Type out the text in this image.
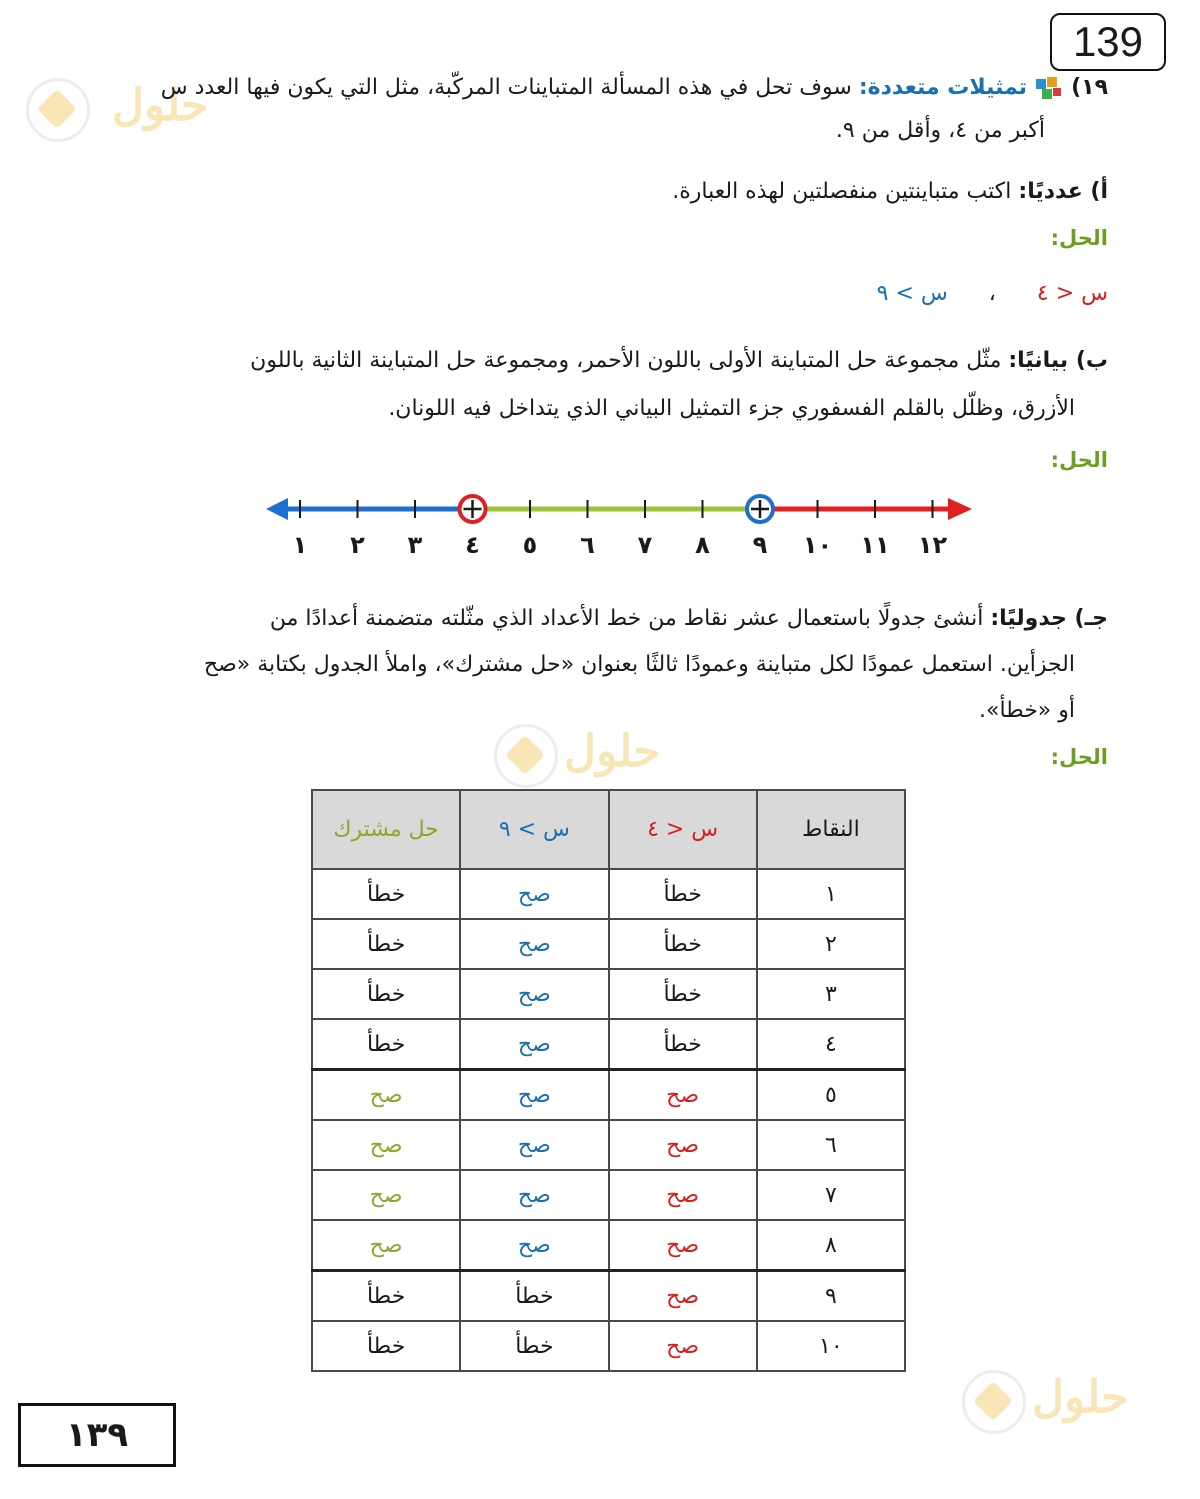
139
حلول
حلول
حلول
١٩)  تمثيلات متعددة: سوف تحل في هذه المسألة المتباينات المركّبة، مثل التي يكون فيها العدد س
أكبر من ٤، وأقل من ٩.
أ) عدديًا: اكتب متباينتين منفصلتين لهذه العبارة.
الحل:
س < ٤ ، س > ٩
ب) بيانيًا: مثّل مجموعة حل المتباينة الأولى باللون الأحمر، ومجموعة حل المتباينة الثانية باللون
الأزرق، وظلّل بالقلم الفسفوري جزء التمثيل البياني الذي يتداخل فيه اللونان.
الحل:
١ ٢ ٣ ٤ ٥ ٦ ٧ ٨ ٩ ١٠ ١١ ١٢
جـ) جدوليًا: أنشئ جدولًا باستعمال عشر نقاط من خط الأعداد الذي مثّلته متضمنة أعدادًا من
الجزأين. استعمل عمودًا لكل متباينة وعمودًا ثالثًا بعنوان «حل مشترك»، واملأ الجدول بكتابة «صح
أو «خطأ».
الحل:
النقاط	س < ٤	س > ٩	حل مشترك
١	خطأ	صح	خطأ
٢	خطأ	صح	خطأ
٣	خطأ	صح	خطأ
٤	خطأ	صح	خطأ
٥	صح	صح	صح
٦	صح	صح	صح
٧	صح	صح	صح
٨	صح	صح	صح
٩	صح	خطأ	خطأ
١٠	صح	خطأ	خطأ
١٣٩
